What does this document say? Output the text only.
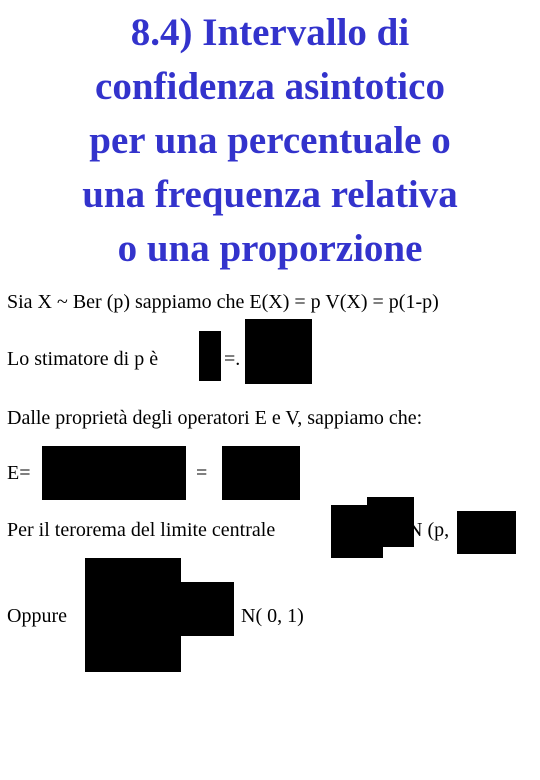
8.4) Intervallo di
confidenza asintotico
per una percentuale o
una frequenza relativa
o una proporzione
Sia X ~ Ber (p) sappiamo che E(X) = p V(X) = p(1-p)
Lo stimatore di p è	=.
Dalle proprietà degli operatori E e V, sappiamo che:
E=	=
Per il terorema del limite centrale	N (p,
Oppure	N( 0, 1)
